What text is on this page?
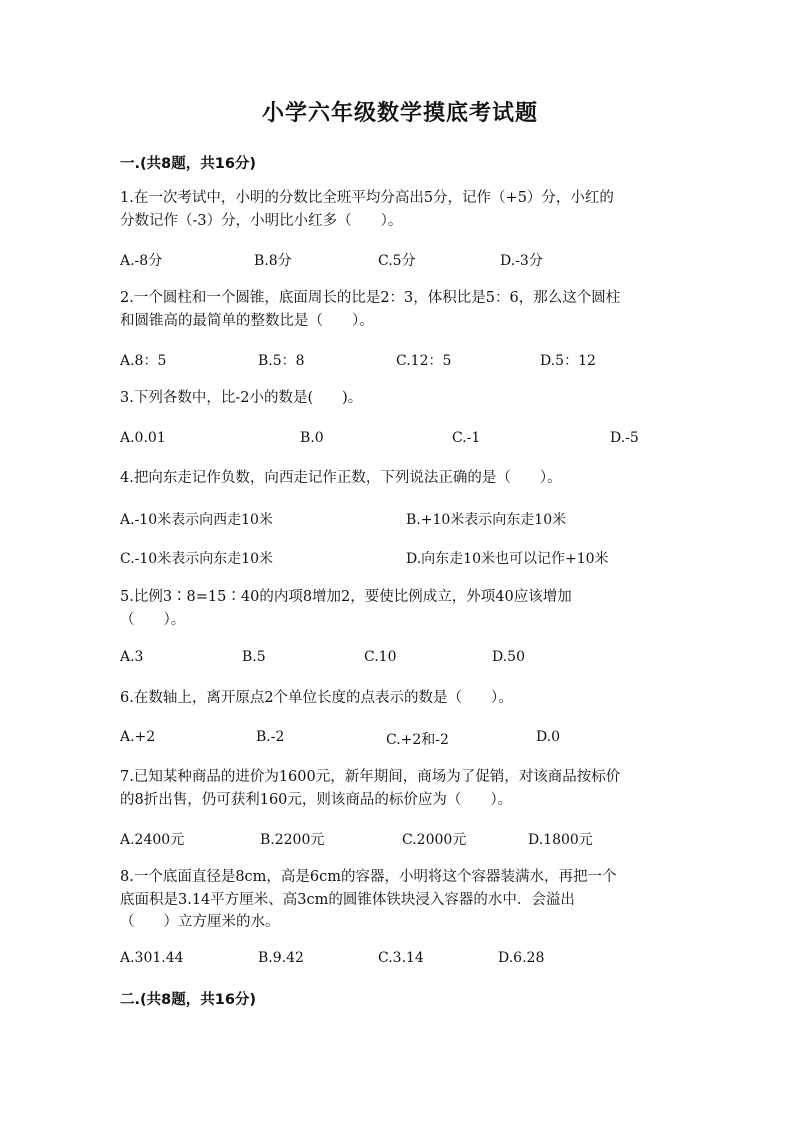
小学六年级数学摸底考试题
一.(共8题，共16分)
1.在一次考试中，小明的分数比全班平均分高出5分，记作（+5）分，小红的
分数记作（-3）分，小明比小红多（　　）。
A.-8分	B.8分	C.5分	D.-3分
2.一个圆柱和一个圆锥，底面周长的比是2：3，体积比是5：6，那么这个圆柱
和圆锥高的最简单的整数比是（　　）。
A.8：5	B.5：8	C.12：5	D.5：12
3.下列各数中，比-2小的数是(　　)。
A.0.01	B.0	C.-1	D.-5
4.把向东走记作负数，向西走记作正数，下列说法正确的是（　　）。
A.-10米表示向西走10米	B.+10米表示向东走10米
C.-10米表示向东走10米	D.向东走10米也可以记作+10米
5.比例3∶8=15∶40的内项8增加2，要使比例成立，外项40应该增加
（　　）。
A.3	B.5	C.10	D.50
6.在数轴上，离开原点2个单位长度的点表示的数是（　　）。
A.+2	B.-2	C.+2和-2	D.0
7.已知某种商品的进价为1600元，新年期间，商场为了促销，对该商品按标价
的8折出售，仍可获利160元，则该商品的标价应为（　　）。
A.2400元	B.2200元	C.2000元	D.1800元
8.一个底面直径是8cm，高是6cm的容器，小明将这个容器装满水，再把一个
底面积是3.14平方厘米、高3cm的圆锥体铁块浸入容器的水中．会溢出
（　　）立方厘米的水。
A.301.44	B.9.42	C.3.14	D.6.28
二.(共8题，共16分)
